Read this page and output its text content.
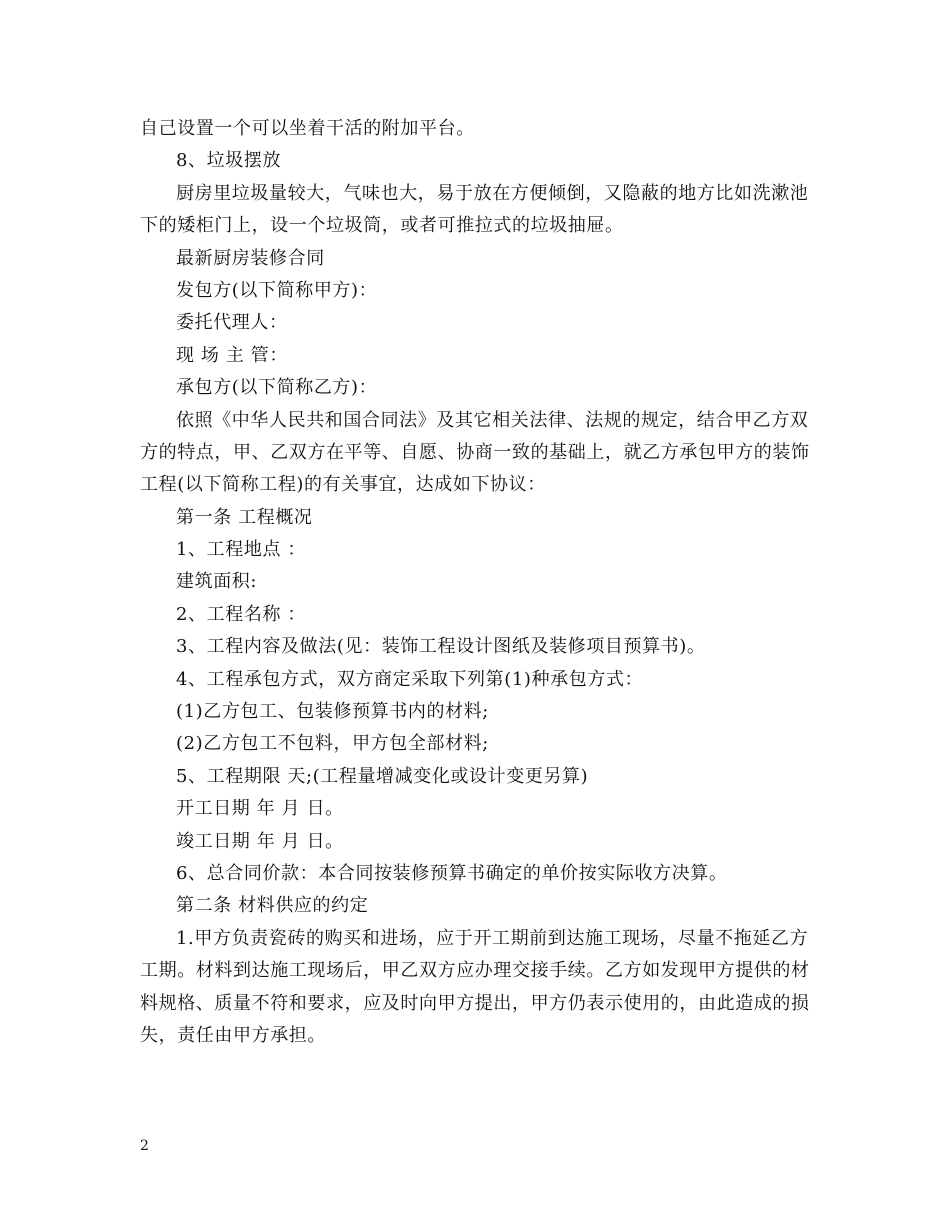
自己设置一个可以坐着干活的附加平台。
8、垃圾摆放
厨房里垃圾量较大，气味也大，易于放在方便倾倒，又隐蔽的地方比如洗漱池
下的矮柜门上，设一个垃圾筒，或者可推拉式的垃圾抽屉。
最新厨房装修合同
发包方(以下简称甲方)：
委托代理人：
现 场 主 管：
承包方(以下简称乙方)：
依照《中华人民共和国合同法》及其它相关法律、法规的规定，结合甲乙方双
方的特点，甲、乙双方在平等、自愿、协商一致的基础上，就乙方承包甲方的装饰
工程(以下简称工程)的有关事宜，达成如下协议：
第一条 工程概况
1、工程地点 ：
建筑面积:
2、工程名称 ：
3、工程内容及做法(见：装饰工程设计图纸及装修项目预算书)。
4、工程承包方式，双方商定采取下列第(1)种承包方式：
(1)乙方包工、包装修预算书内的材料;
(2)乙方包工不包料，甲方包全部材料;
5、工程期限 天;(工程量增减变化或设计变更另算)
开工日期 年 月 日。
竣工日期 年 月 日。
6、总合同价款：本合同按装修预算书确定的单价按实际收方决算。
第二条 材料供应的约定
1.甲方负责瓷砖的购买和进场，应于开工期前到达施工现场，尽量不拖延乙方
工期。材料到达施工现场后，甲乙双方应办理交接手续。乙方如发现甲方提供的材
料规格、质量不符和要求，应及时向甲方提出，甲方仍表示使用的，由此造成的损
失，责任由甲方承担。
2
